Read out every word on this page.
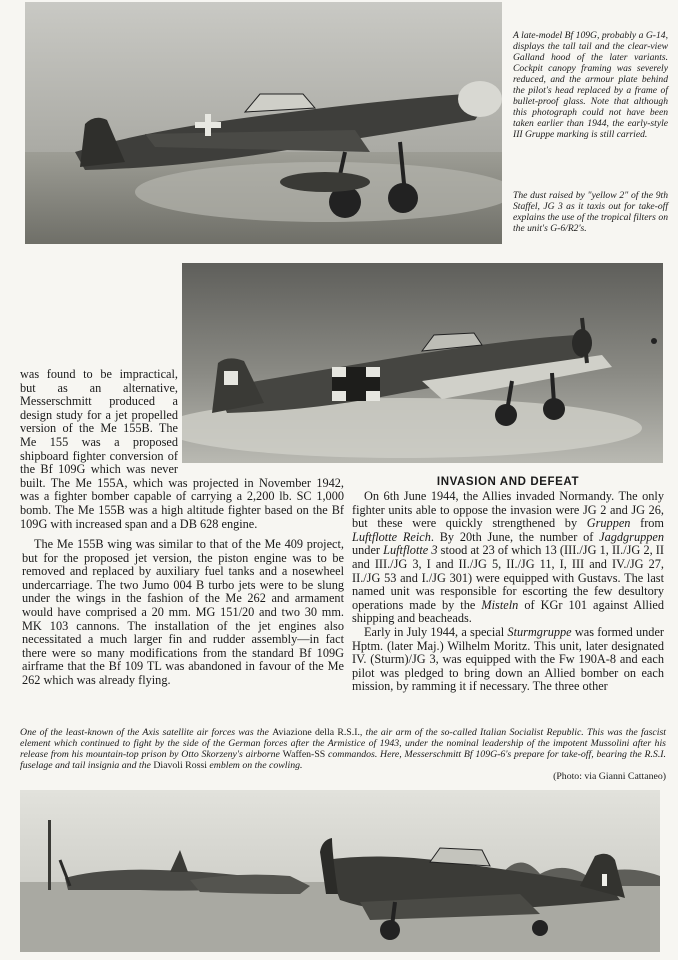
A late-model Bf 109G, probably a G-14, displays the tall tail and the clear-view Galland hood of the later variants. Cockpit canopy framing was severely reduced, and the armour plate behind the pilot's head replaced by a frame of bullet-proof glass. Note that although this photograph could not have been taken earlier than 1944, the early-style III Gruppe marking is still carried.

The dust raised by "yellow 2" of the 9th Staffel, JG 3 as it taxis out for take-off explains the use of the tropical filters on the unit's G-6/R2's.

was found to be impractical, but as an alternative, Messerschmitt produced a design study for a jet propelled version of the Me 155B. The Me 155 was a proposed shipboard fighter conversion of the Bf 109G which was never built. The Me 155A, which was projected in November 1942, was a fighter bomber capable of carrying a 2,200 lb. SC 1,000 bomb. The Me 155B was a high altitude fighter based on the Bf 109G with increased span and a DB 628 engine.

The Me 155B wing was similar to that of the Me 409 project, but for the proposed jet version, the piston engine was to be removed and replaced by auxiliary fuel tanks and a nosewheel undercarriage. The two Jumo 004 B turbo jets were to be slung under the wings in the fashion of the Me 262 and armament would have comprised a 20 mm. MG 151/20 and two 30 mm. MK 103 cannons. The installation of the jet engines also necessitated a much larger fin and rudder assembly—in fact there were so many modifications from the standard Bf 109G airframe that the Bf 109 TL was abandoned in favour of the Me 262 which was already flying.

INVASION AND DEFEAT

On 6th June 1944, the Allies invaded Normandy. The only fighter units able to oppose the invasion were JG 2 and JG 26, but these were quickly strengthened by Gruppen from Luftflotte Reich. By 20th June, the number of Jagdgruppen under Luftflotte 3 stood at 23 of which 13 (III./JG 1, II./JG 2, II and III./JG 3, I and II./JG 5, II./JG 11, I, III and IV./JG 27, II./JG 53 and I./JG 301) were equipped with Gustavs. The last named unit was responsible for escorting the few desultory operations made by the Misteln of KGr 101 against Allied shipping and beacheads.

Early in July 1944, a special Sturmgruppe was formed under Hptm. (later Maj.) Wilhelm Moritz. This unit, later designated IV. (Sturm)/JG 3, was equipped with the Fw 190A-8 and each pilot was pledged to bring down an Allied bomber on each mission, by ramming it if necessary. The three other

One of the least-known of the Axis satellite air forces was the Aviazione della R.S.I., the air arm of the so-called Italian Socialist Republic. This was the fascist element which continued to fight by the side of the German forces after the Armistice of 1943, under the nominal leadership of the impotent Mussolini after his release from his mountain-top prison by Otto Skorzeny's airborne Waffen-SS commandos. Here, Messerschmitt Bf 109G-6's prepare for take-off, bearing the R.S.I. fuselage and tail insignia and the Diavoli Rossi emblem on the cowling.
(Photo: via Gianni Cattaneo)
